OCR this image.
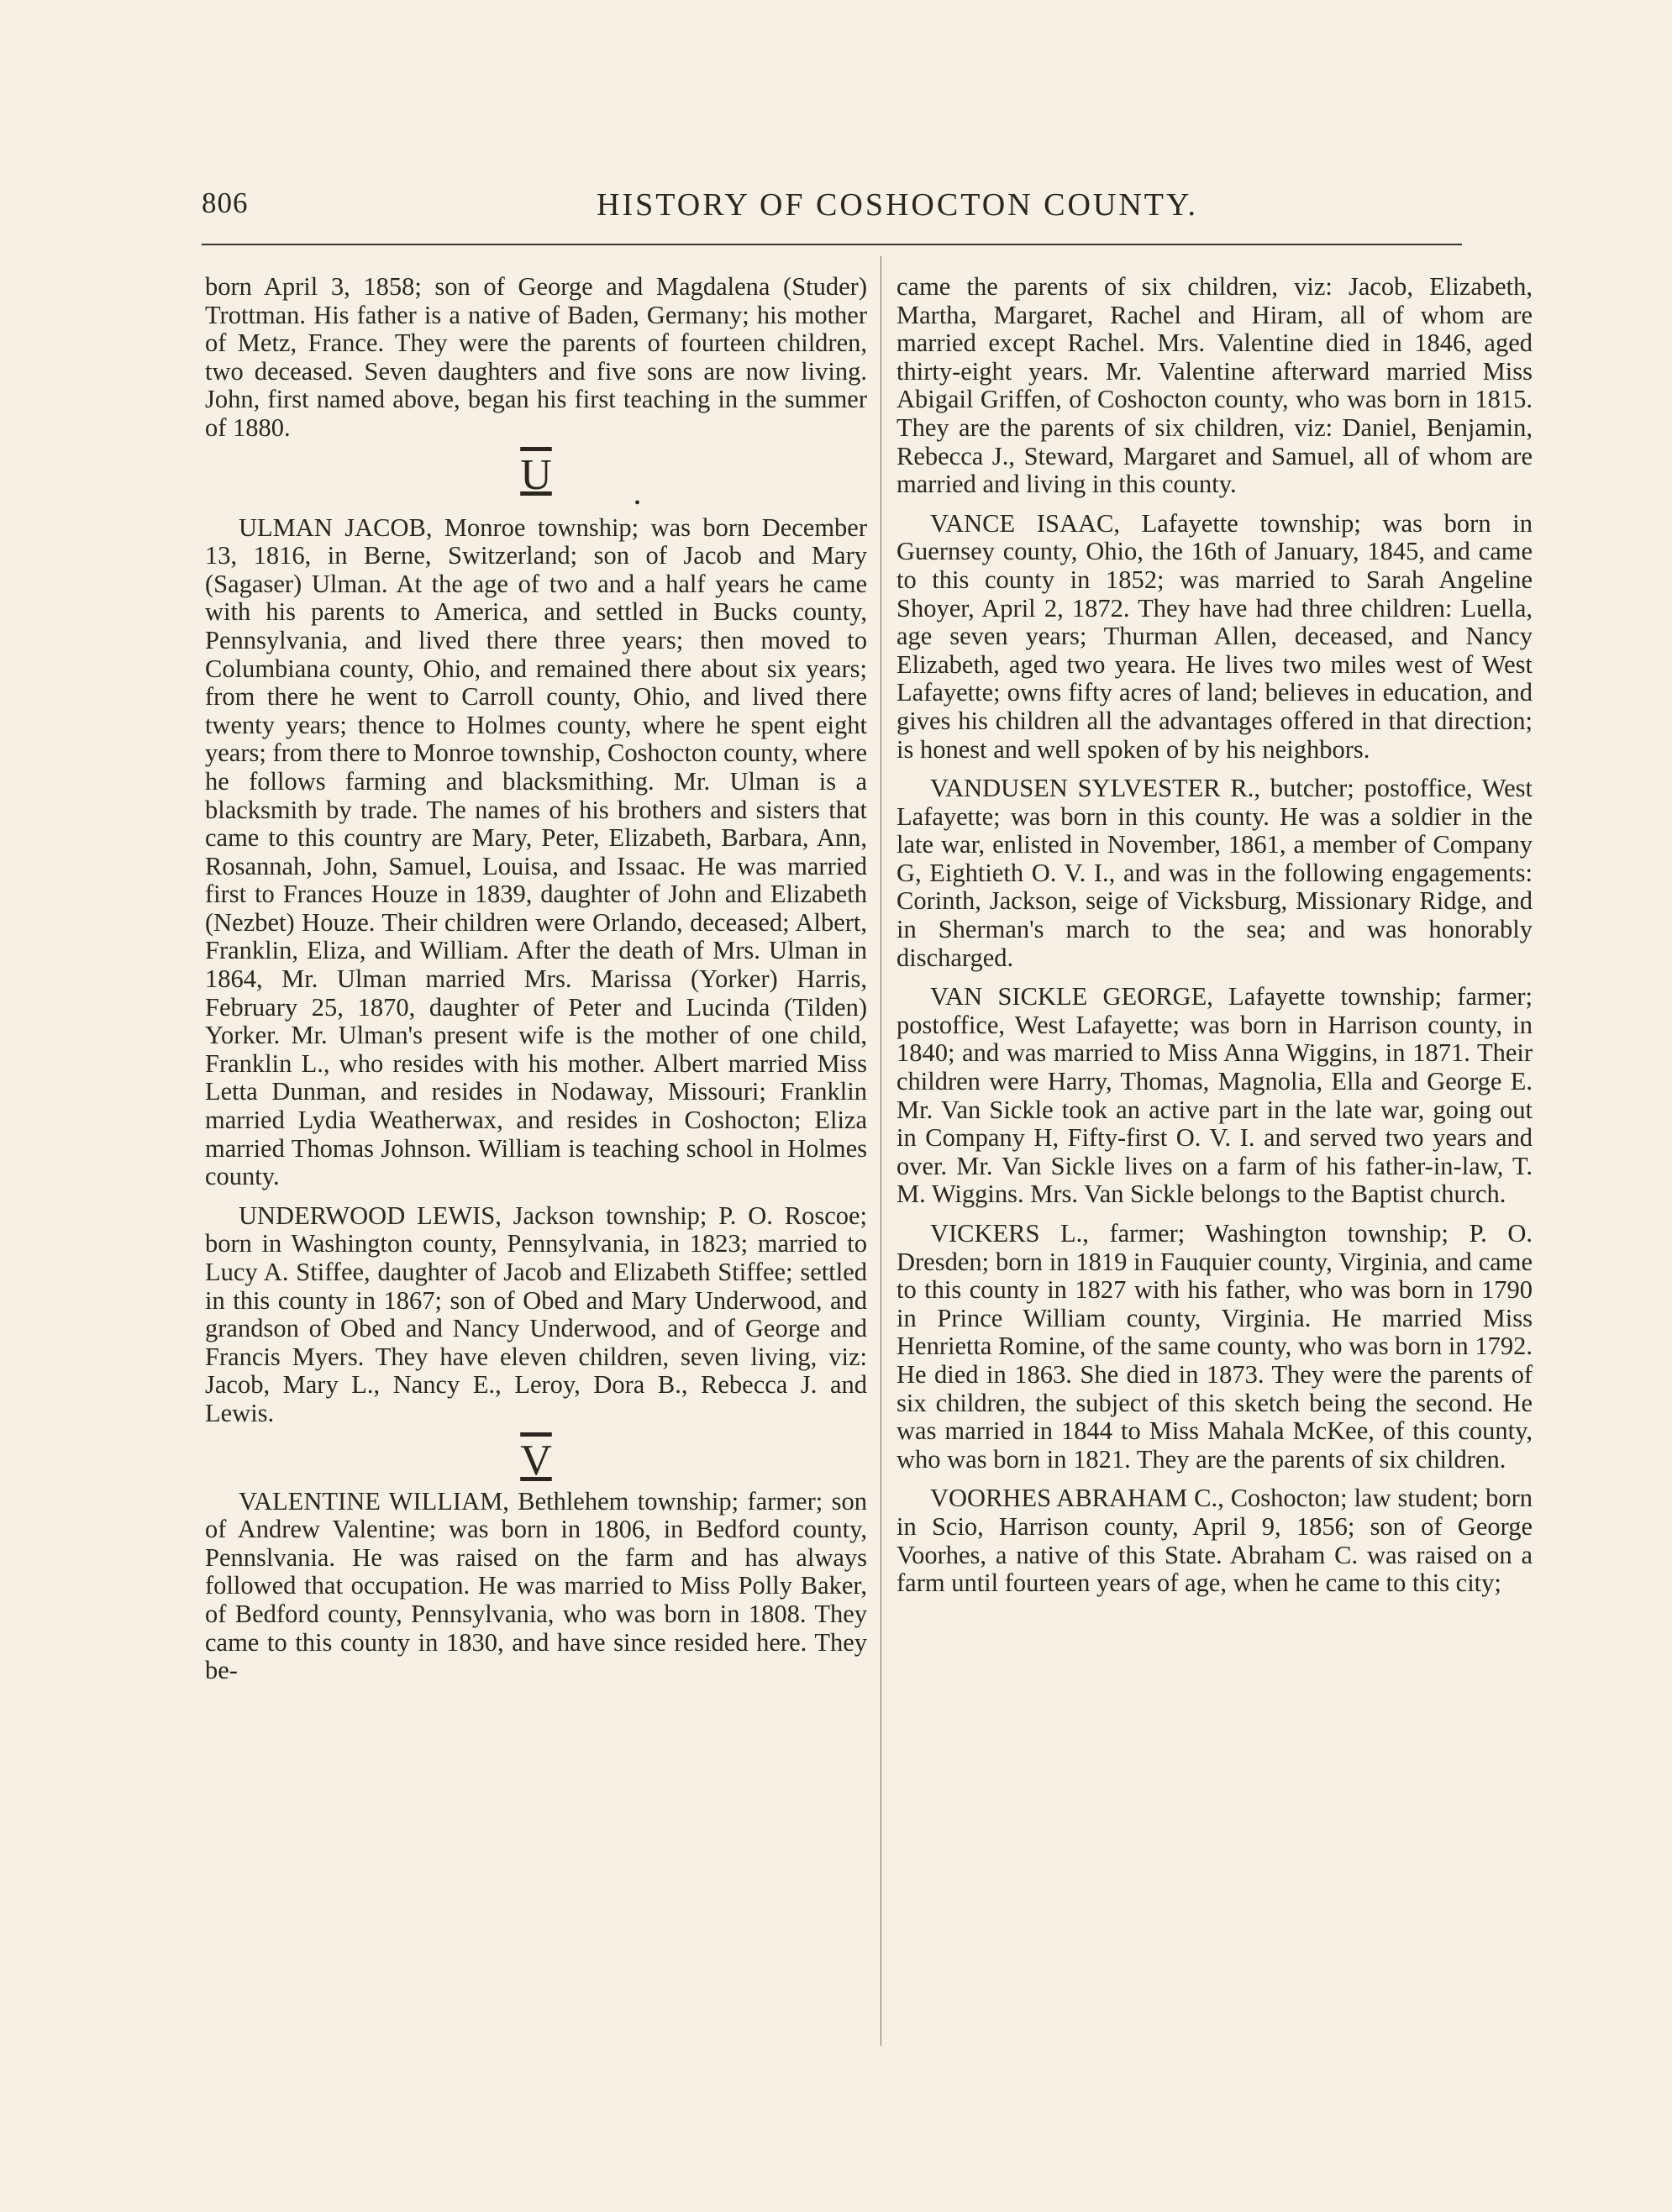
806	HISTORY OF COSHOCTON COUNTY.

born April 3, 1858; son of George and Magdalena (Studer) Trottman. His father is a native of Baden, Germany; his mother of Metz, France. They were the parents of fourteen children, two deceased. Seven daughters and five sons are now living. John, first named above, began his first teaching in the summer of 1880.

U
•

ULMAN JACOB, Monroe township; was born December 13, 1816, in Berne, Switzerland; son of Jacob and Mary (Sagaser) Ulman. At the age of two and a half years he came with his parents to America, and settled in Bucks county, Pennsylvania, and lived there three years; then moved to Columbiana county, Ohio, and remained there about six years; from there he went to Carroll county, Ohio, and lived there twenty years; thence to Holmes county, where he spent eight years; from there to Monroe township, Coshocton county, where he follows farming and blacksmithing. Mr. Ulman is a blacksmith by trade. The names of his brothers and sisters that came to this country are Mary, Peter, Elizabeth, Barbara, Ann, Rosannah, John, Samuel, Louisa, and Issaac. He was married first to Frances Houze in 1839, daughter of John and Elizabeth (Nezbet) Houze. Their children were Orlando, deceased; Albert, Franklin, Eliza, and William. After the death of Mrs. Ulman in 1864, Mr. Ulman married Mrs. Marissa (Yorker) Harris, February 25, 1870, daughter of Peter and Lucinda (Tilden) Yorker. Mr. Ulman's present wife is the mother of one child, Franklin L., who resides with his mother. Albert married Miss Letta Dunman, and resides in Nodaway, Missouri; Franklin married Lydia Weatherwax, and resides in Coshocton; Eliza married Thomas Johnson. William is teaching school in Holmes county.

UNDERWOOD LEWIS, Jackson township; P. O. Roscoe; born in Washington county, Pennsylvania, in 1823; married to Lucy A. Stiffee, daughter of Jacob and Elizabeth Stiffee; settled in this county in 1867; son of Obed and Mary Underwood, and grandson of Obed and Nancy Underwood, and of George and Francis Myers. They have eleven children, seven living, viz: Jacob, Mary L., Nancy E., Leroy, Dora B., Rebecca J. and Lewis.

V

VALENTINE WILLIAM, Bethlehem township; farmer; son of Andrew Valentine; was born in 1806, in Bedford county, Pennslvania. He was raised on the farm and has always followed that occupation. He was married to Miss Polly Baker, of Bedford county, Pennsylvania, who was born in 1808. They came to this county in 1830, and have since resided here. They be-

came the parents of six children, viz: Jacob, Elizabeth, Martha, Margaret, Rachel and Hiram, all of whom are married except Rachel. Mrs. Valentine died in 1846, aged thirty-eight years. Mr. Valentine afterward married Miss Abigail Griffen, of Coshocton county, who was born in 1815. They are the parents of six children, viz: Daniel, Benjamin, Rebecca J., Steward, Margaret and Samuel, all of whom are married and living in this county.

VANCE ISAAC, Lafayette township; was born in Guernsey county, Ohio, the 16th of January, 1845, and came to this county in 1852; was married to Sarah Angeline Shoyer, April 2, 1872. They have had three children: Luella, age seven years; Thurman Allen, deceased, and Nancy Elizabeth, aged two yeara. He lives two miles west of West Lafayette; owns fifty acres of land; believes in education, and gives his children all the advantages offered in that direction; is honest and well spoken of by his neighbors.

VANDUSEN SYLVESTER R., butcher; postoffice, West Lafayette; was born in this county. He was a soldier in the late war, enlisted in November, 1861, a member of Company G, Eightieth O. V. I., and was in the following engagements: Corinth, Jackson, seige of Vicksburg, Missionary Ridge, and in Sherman's march to the sea; and was honorably discharged.

VAN SICKLE GEORGE, Lafayette township; farmer; postoffice, West Lafayette; was born in Harrison county, in 1840; and was married to Miss Anna Wiggins, in 1871. Their children were Harry, Thomas, Magnolia, Ella and George E. Mr. Van Sickle took an active part in the late war, going out in Company H, Fifty-first O. V. I. and served two years and over. Mr. Van Sickle lives on a farm of his father-in-law, T. M. Wiggins. Mrs. Van Sickle belongs to the Baptist church.

VICKERS L., farmer; Washington township; P. O. Dresden; born in 1819 in Fauquier county, Virginia, and came to this county in 1827 with his father, who was born in 1790 in Prince William county, Virginia. He married Miss Henrietta Romine, of the same county, who was born in 1792. He died in 1863. She died in 1873. They were the parents of six children, the subject of this sketch being the second. He was married in 1844 to Miss Mahala McKee, of this county, who was born in 1821. They are the parents of six children.

VOORHES ABRAHAM C., Coshocton; law student; born in Scio, Harrison county, April 9, 1856; son of George Voorhes, a native of this State. Abraham C. was raised on a farm until fourteen years of age, when he came to this city;
